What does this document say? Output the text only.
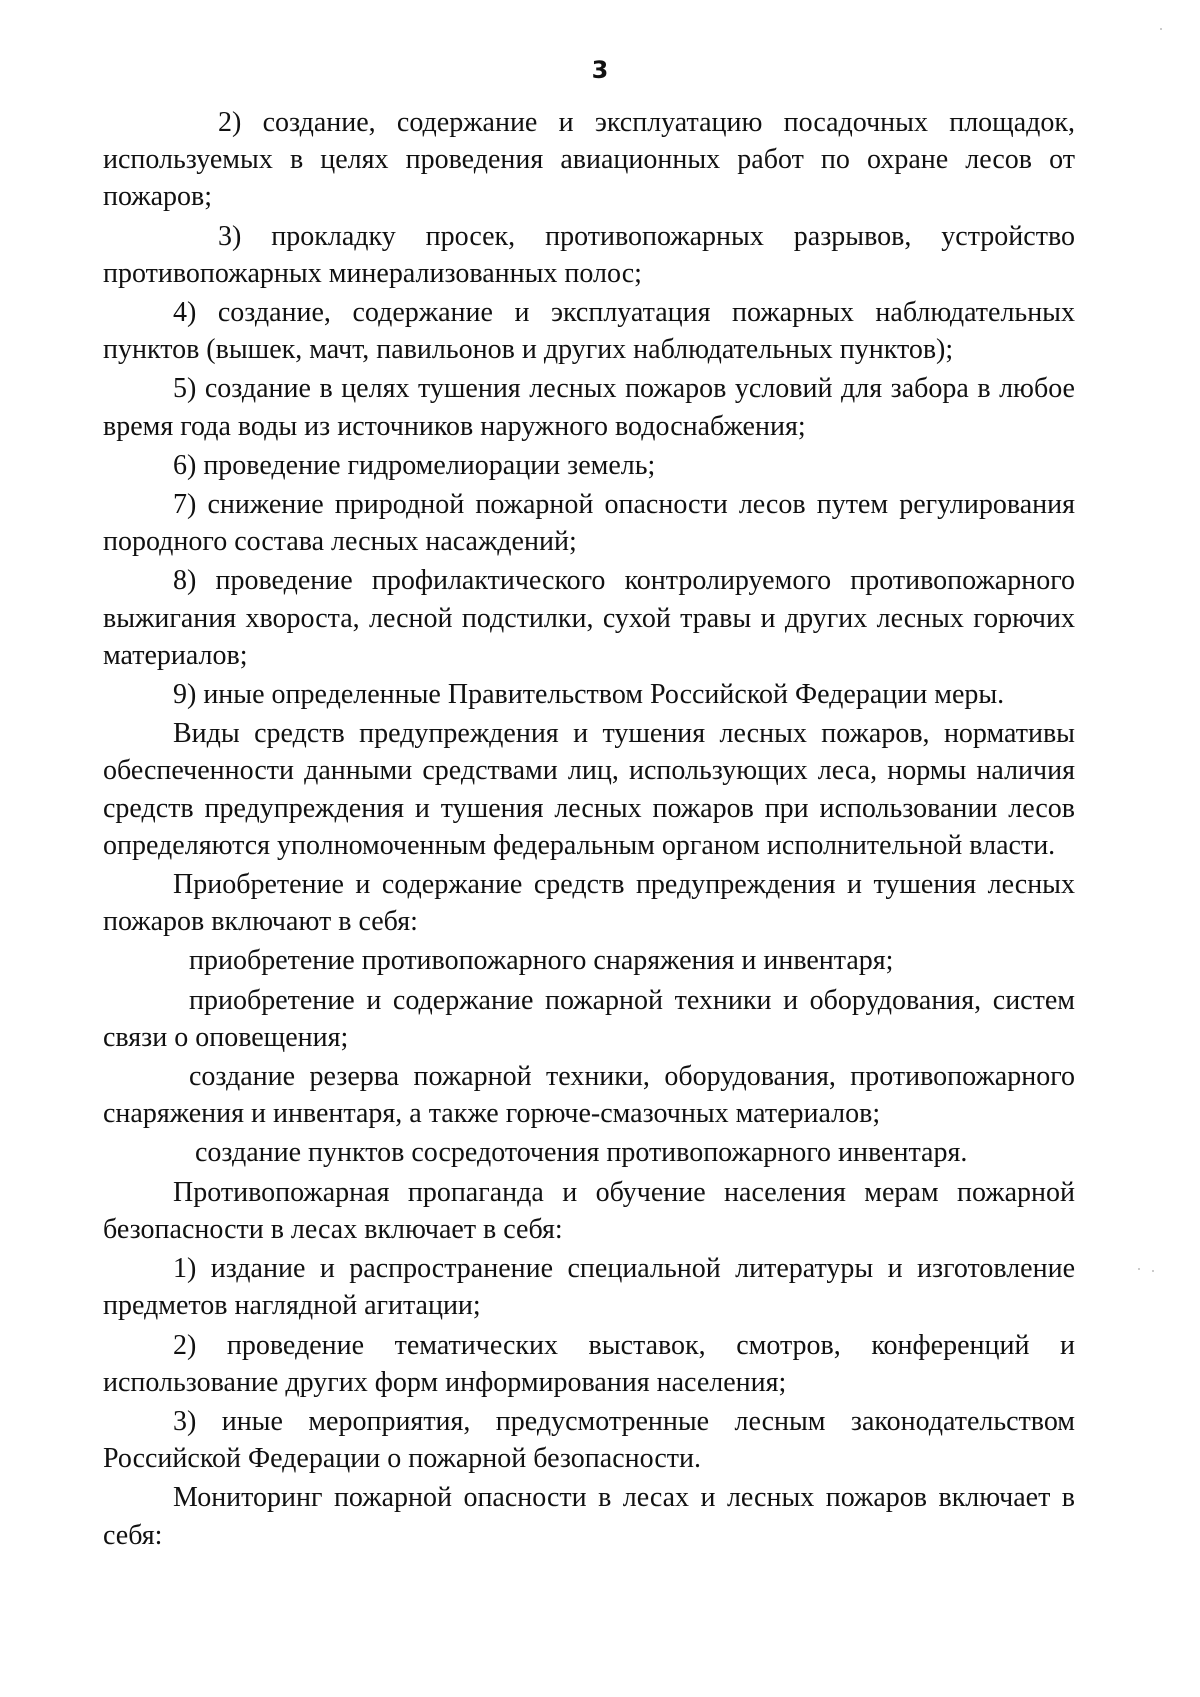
3

2) создание, содержание и эксплуатацию посадочных площадок, используемых в целях проведения авиационных работ по охране лесов от пожаров;

3) прокладку просек, противопожарных разрывов, устройство противопожарных минерализованных полос;

4) создание, содержание и эксплуатация пожарных наблюдательных пунктов (вышек, мачт, павильонов и других наблюдательных пунктов);

5) создание в целях тушения лесных пожаров условий для забора в любое время года воды из источников наружного водоснабжения;

6) проведение гидромелиорации земель;

7) снижение природной пожарной опасности лесов путем регулирования породного состава лесных насаждений;

8) проведение профилактического контролируемого противопожарного выжигания хвороста, лесной подстилки, сухой травы и других лесных горючих материалов;

9) иные определенные Правительством Российской Федерации меры.

Виды средств предупреждения и тушения лесных пожаров, нормативы обеспеченности данными средствами лиц, использующих леса, нормы наличия средств предупреждения и тушения лесных пожаров при использовании лесов определяются уполномоченным федеральным органом исполнительной власти.

Приобретение и содержание средств предупреждения и тушения лесных пожаров включают в себя:

приобретение противопожарного снаряжения и инвентаря;

приобретение и содержание пожарной техники и оборудования, систем связи о оповещения;

создание резерва пожарной техники, оборудования, противопожарного снаряжения и инвентаря, а также горюче-смазочных материалов;

создание пунктов сосредоточения противопожарного инвентаря.

Противопожарная пропаганда и обучение населения мерам пожарной безопасности в лесах включает в себя:

1) издание и распространение специальной литературы и изготовление предметов наглядной агитации;

2) проведение тематических выставок, смотров, конференций и использование других форм информирования населения;

3) иные мероприятия, предусмотренные лесным законодательством Российской Федерации о пожарной безопасности.

Мониторинг пожарной опасности в лесах и лесных пожаров включает в себя:
